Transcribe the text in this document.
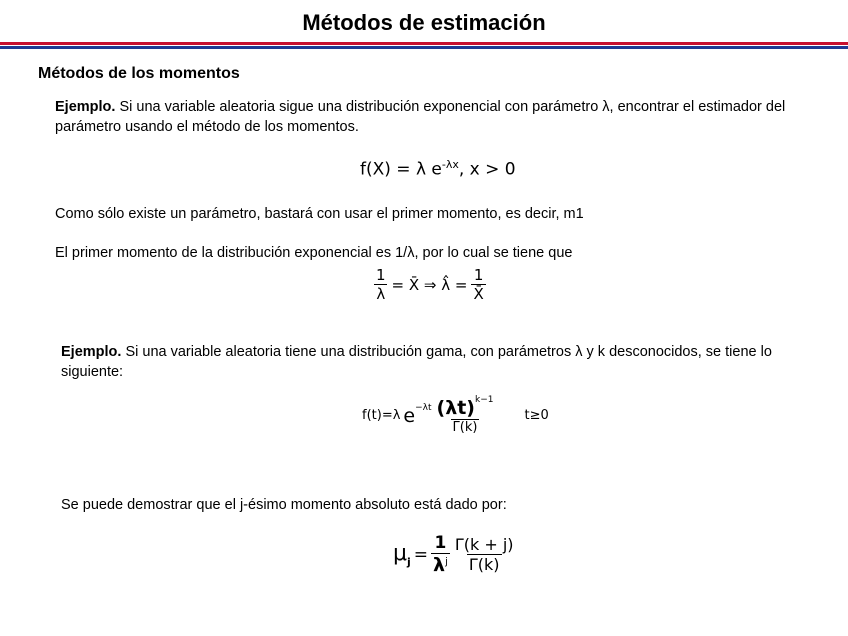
Métodos de estimación
Métodos de los momentos
Ejemplo. Si una variable aleatoria sigue una distribución exponencial con parámetro λ, encontrar el estimador del parámetro usando el método de los momentos.
f(X) = λ $e^{-\lambda x}$, x > 0
Como sólo existe un parámetro, bastará con usar el primer momento, es decir, m1
El primer momento de la distribución exponencial es 1/λ, por lo cual se tiene que
$\frac{1}{\lambda}$ = X̄ ⇒ λ̂ = $\frac{1}{X̄}$
Ejemplo. Si una variable aleatoria tiene una distribución gama, con parámetros λ y k desconocidos, se tiene lo siguiente:
f(t)=λ $e^{-\lambda t} \frac{(\lambda t)^{k-1}}{\Gamma(k)} t\ge 0$
Se puede demostrar que el j-ésimo momento absoluto está dado por:
$\mu_j = \frac{1}{\lambda^j} \frac{\Gamma(k + j)}{\Gamma(k)}$
